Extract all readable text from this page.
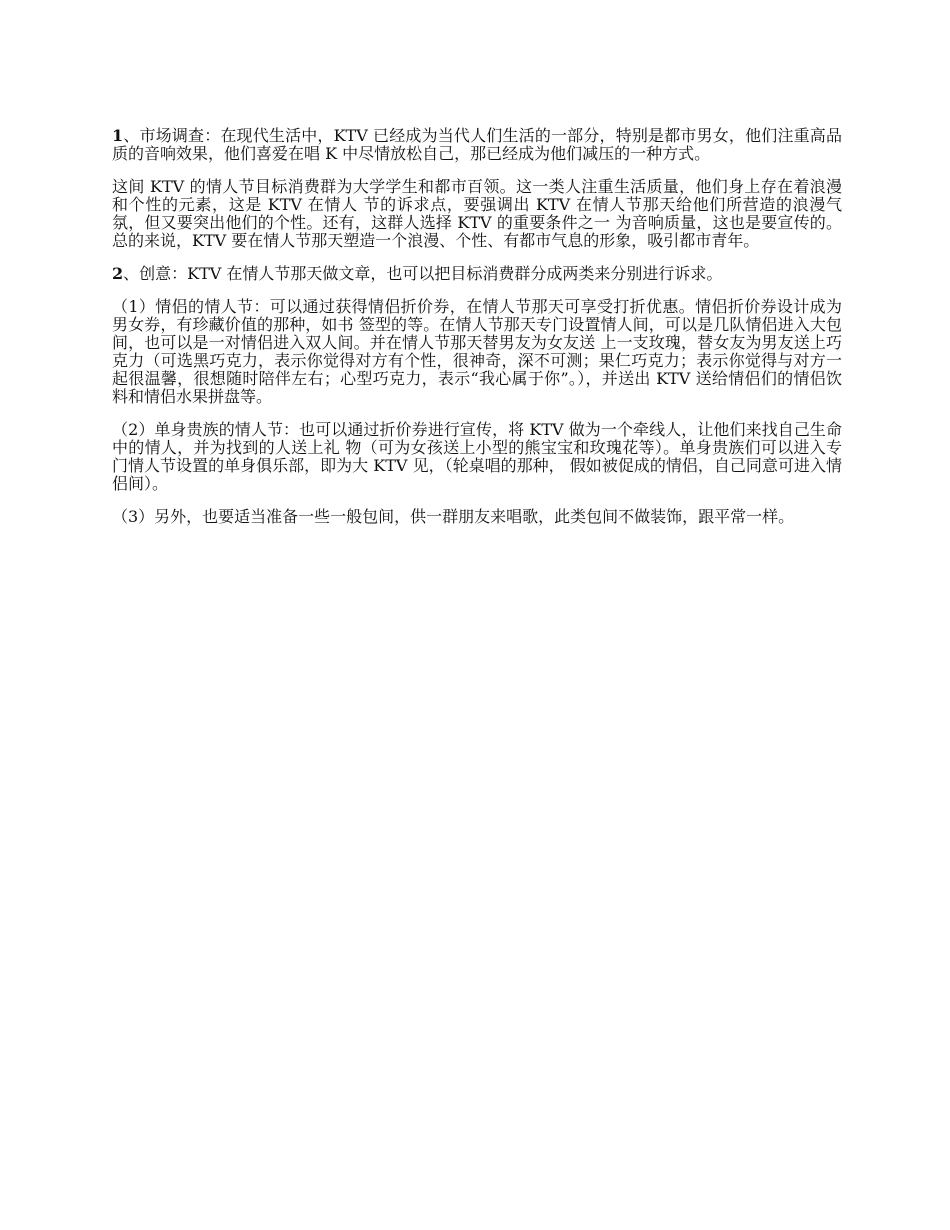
1、市场调查：在现代生活中，KTV 已经成为当代人们生活的一部分，特别是都市男女，他们注重高品质的音响效果，他们喜爱在唱 K 中尽情放松自己，那已经成为他们减压的一种方式。

这间 KTV 的情人节目标消费群为大学学生和都市百领。这一类人注重生活质量，他们身上存在着浪漫和个性的元素，这是 KTV 在情人 节的诉求点，要强调出 KTV 在情人节那天给他们所营造的浪漫气氛，但又要突出他们的个性。还有，这群人选择 KTV 的重要条件之一 为音响质量，这也是要宣传的。总的来说，KTV 要在情人节那天塑造一个浪漫、个性、有都市气息的形象，吸引都市青年。

2、创意：KTV 在情人节那天做文章，也可以把目标消费群分成两类来分别进行诉求。

（1）情侣的情人节：可以通过获得情侣折价券，在情人节那天可享受打折优惠。情侣折价券设计成为男女券，有珍藏价值的那种，如书 签型的等。在情人节那天专门设置情人间，可以是几队情侣进入大包间，也可以是一对情侣进入双人间。并在情人节那天替男友为女友送 上一支玫瑰，替女友为男友送上巧克力（可选黑巧克力，表示你觉得对方有个性，很神奇，深不可测；果仁巧克力；表示你觉得与对方一 起很温馨，很想随时陪伴左右；心型巧克力，表示“我心属于你”。），并送出 KTV 送给情侣们的情侣饮料和情侣水果拼盘等。

（2）单身贵族的情人节：也可以通过折价券进行宣传，将 KTV 做为一个牵线人，让他们来找自己生命中的情人，并为找到的人送上礼 物（可为女孩送上小型的熊宝宝和玫瑰花等）。单身贵族们可以进入专门情人节设置的单身俱乐部，即为大 KTV 见，（轮桌唱的那种， 假如被促成的情侣，自己同意可进入情侣间）。

（3）另外，也要适当准备一些一般包间，供一群朋友来唱歌，此类包间不做装饰，跟平常一样。
